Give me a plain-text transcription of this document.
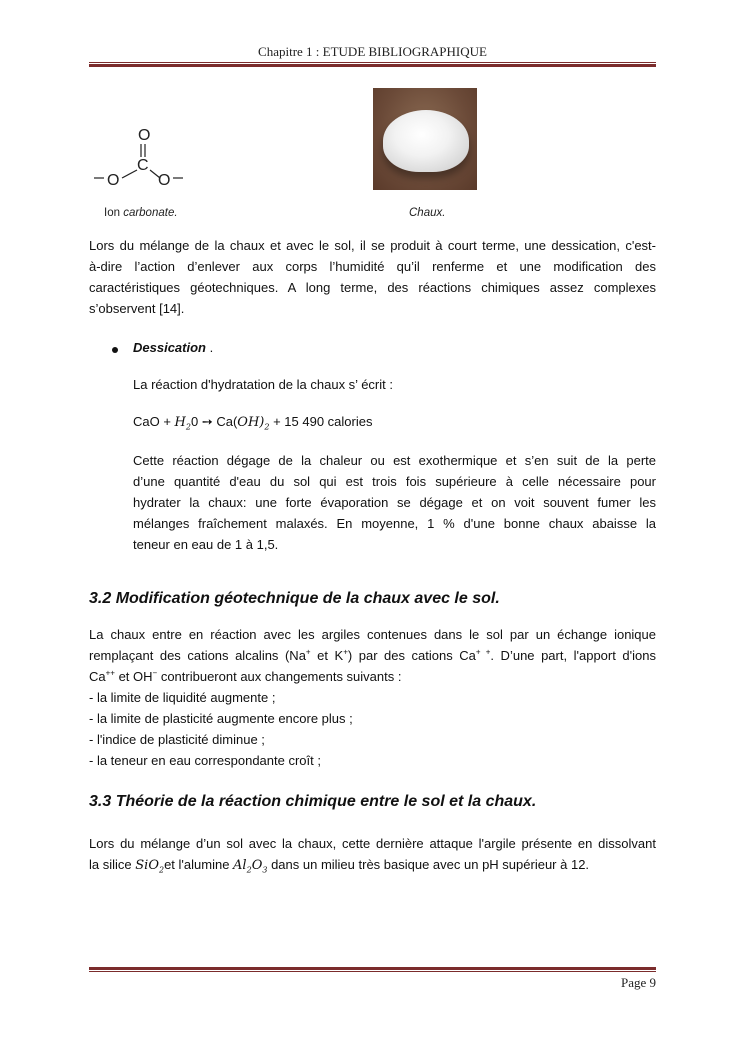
Chapitre 1 : ETUDE BIBLIOGRAPHIQUE
O
C
O O
Ion carbonate.	Chaux.
Lors du mélange de la chaux et avec le sol, il se produit à court terme, une dessication, c'est-
à-dire l’action d’enlever aux corps l’humidité qu’il renferme et une modification des
caractéristiques géotechniques. A long terme, des réactions chimiques assez complexes
s’observent [14].
Dessication .
La réaction d'hydratation de la chaux s’ écrit :
CaO + $H_20$ ➙ $Ca(OH)_2 + 15$ 490 calories
Cette réaction dégage de la chaleur ou est exothermique et s’en suit de la perte
d’une quantité d'eau du sol qui est trois fois supérieure à celle nécessaire pour
hydrater la chaux: une forte évaporation se dégage et on voit souvent fumer les
mélanges fraîchement malaxés. En moyenne, 1 % d'une bonne chaux abaisse la
teneur en eau de 1 à 1,5.
3.2 Modification géotechnique de la chaux avec le sol.
La chaux entre en réaction avec les argiles contenues dans le sol par un échange ionique
remplaçant des cations alcalins (Na+ et K+) par des cations Ca+ +. D’une part, l'apport d'ions
Ca++ et OH− contribueront aux changements suivants :
- la limite de liquidité augmente ;
- la limite de plasticité augmente encore plus ;
- l'indice de plasticité diminue ;
- la teneur en eau correspondante croît ;
3.3 Théorie de la réaction chimique entre le sol et la chaux.
Lors du mélange d’un sol avec la chaux, cette dernière attaque l'argile présente en dissolvant
la silice SiO$_2$et l'alumine $Al_2O_3$ dans un milieu très basique avec un pH supérieur à 12.
Page 9
